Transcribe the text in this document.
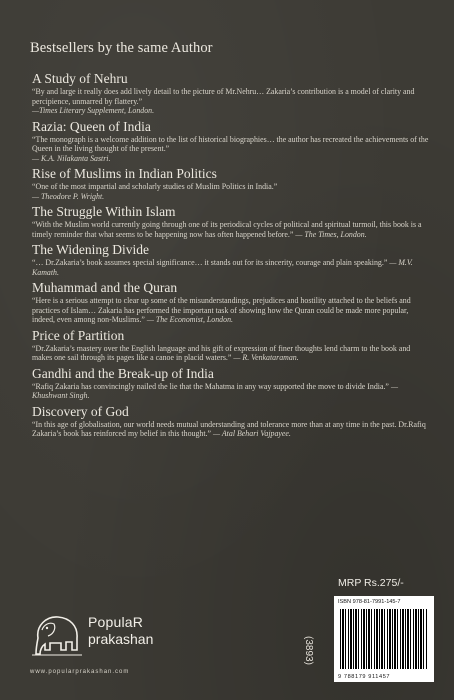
Bestsellers by the same Author
A Study of Nehru
“By and large it really does add lively detail to the picture of Mr.Nehru… Zakaria’s contribution is a model of clarity and percipience, unmarred by flattery.”
—Times Literary Supplement, London.
Razia: Queen of India
“The monograph is a welcome addition to the list of historical biographies… the author has recreated the achievements of the Queen in the living thought of the present.”
— K.A. Nilakanta Sastri.
Rise of Muslims in Indian Politics
“One of the most impartial and scholarly studies of Muslim Politics in India.”
— Theodore P. Wright.
The Struggle Within Islam
“With the Muslim world currently going through one of its periodical cycles of political and spiritual turmoil, this book is a timely reminder that what seems to be happening now has often happened before.” — The Times, London.
The Widening Divide
“… Dr.Zakaria’s book assumes special significance… it stands out for its sincerity, courage and plain speaking.” — M.V. Kamath.
Muhammad and the Quran
“Here is a serious attempt to clear up some of the misunderstandings, prejudices and hostility attached to the beliefs and practices of Islam… Zakaria has performed the important task of showing how the Quran could be made more popular, indeed, even among non-Muslims.” — The Economist, London.
Price of Partition
“Dr.Zakaria’s mastery over the English language and his gift of expression of finer thoughts lend charm to the book and makes one sail through its pages like a canoe in placid waters.” — R. Venkataraman.
Gandhi and the Break-up of India
“Rafiq Zakaria has convincingly nailed the lie that the Mahatma in any way supported the move to divide India.” — Khushwant Singh.
Discovery of God
“In this age of globalisation, our world needs mutual understanding and tolerance more than at any time in the past. Dr.Rafiq Zakaria’s book has reinforced my belief in this thought.” — Atal Behari Vajpayee.
MRP Rs.275/-
ISBN 978-81-7991-145-7
9 788179 911457
(3893)
PopulaR
prakashan
www.popularprakashan.com
